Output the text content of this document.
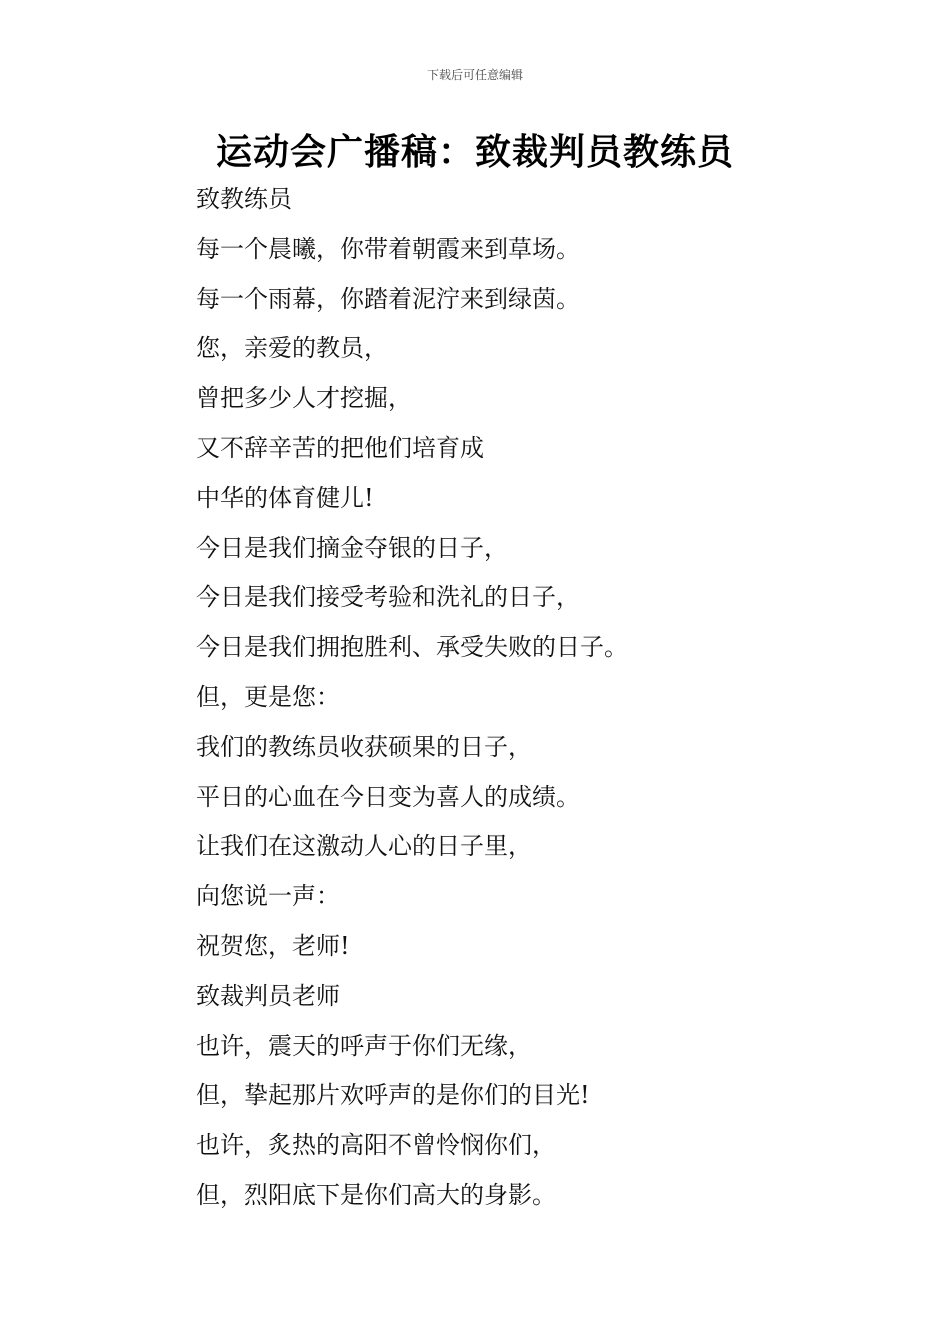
下载后可任意编辑
运动会广播稿：致裁判员教练员
致教练员
每一个晨曦，你带着朝霞来到草场。
每一个雨幕，你踏着泥泞来到绿茵。
您，亲爱的教员，
曾把多少人才挖掘，
又不辞辛苦的把他们培育成
中华的体育健儿!
今日是我们摘金夺银的日子，
今日是我们接受考验和洗礼的日子，
今日是我们拥抱胜利、承受失败的日子。
但，更是您：
我们的教练员收获硕果的日子，
平日的心血在今日变为喜人的成绩。
让我们在这激动人心的日子里，
向您说一声：
祝贺您，老师!
致裁判员老师
也许，震天的呼声于你们无缘，
但，挚起那片欢呼声的是你们的目光!
也许，炙热的高阳不曾怜悯你们，
但，烈阳底下是你们高大的身影。
